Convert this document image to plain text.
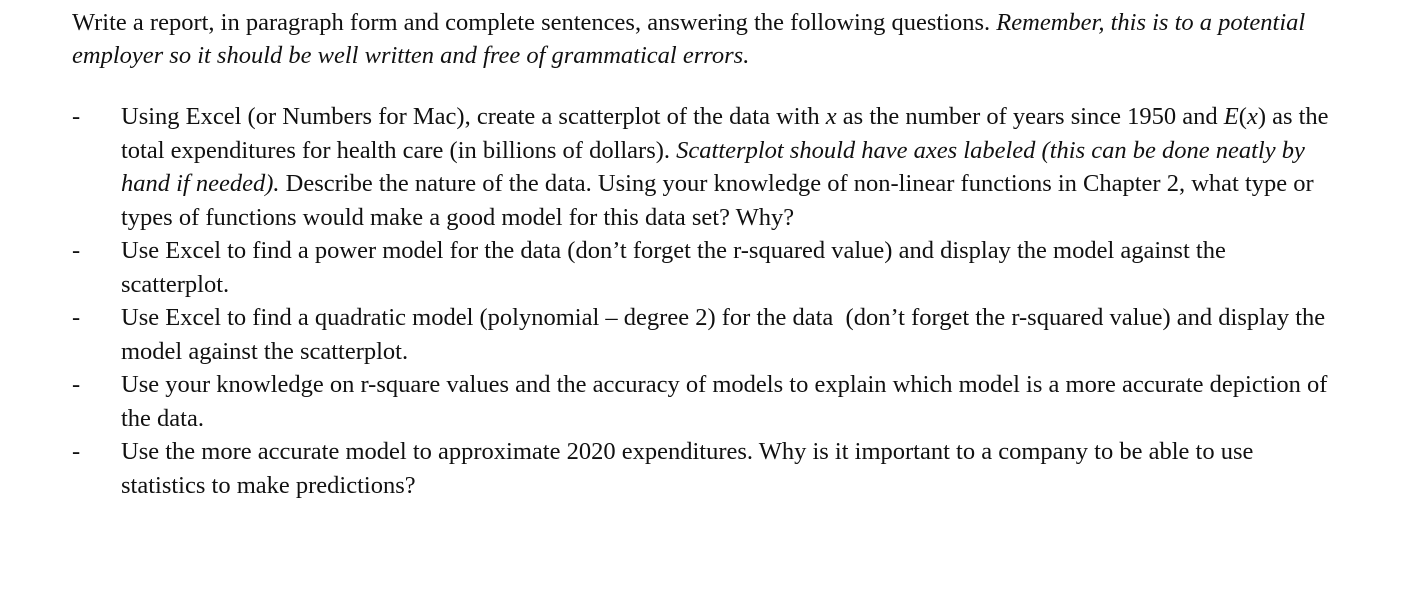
Write a report, in paragraph form and complete sentences, answering the following questions. Remember, this is to a potential employer so it should be well written and free of grammatical errors.

-	Using Excel (or Numbers for Mac), create a scatterplot of the data with x as the number of years since 1950 and E(x) as the total expenditures for health care (in billions of dollars). Scatterplot should have axes labeled (this can be done neatly by hand if needed). Describe the nature of the data. Using your knowledge of non-linear functions in Chapter 2, what type or types of functions would make a good model for this data set? Why?
-	Use Excel to find a power model for the data (don’t forget the r-squared value) and display the model against the scatterplot.
-	Use Excel to find a quadratic model (polynomial – degree 2) for the data  (don’t forget the r-squared value) and display the model against the scatterplot.
-	Use your knowledge on r-square values and the accuracy of models to explain which model is a more accurate depiction of the data.
-	Use the more accurate model to approximate 2020 expenditures. Why is it important to a company to be able to use statistics to make predictions?
